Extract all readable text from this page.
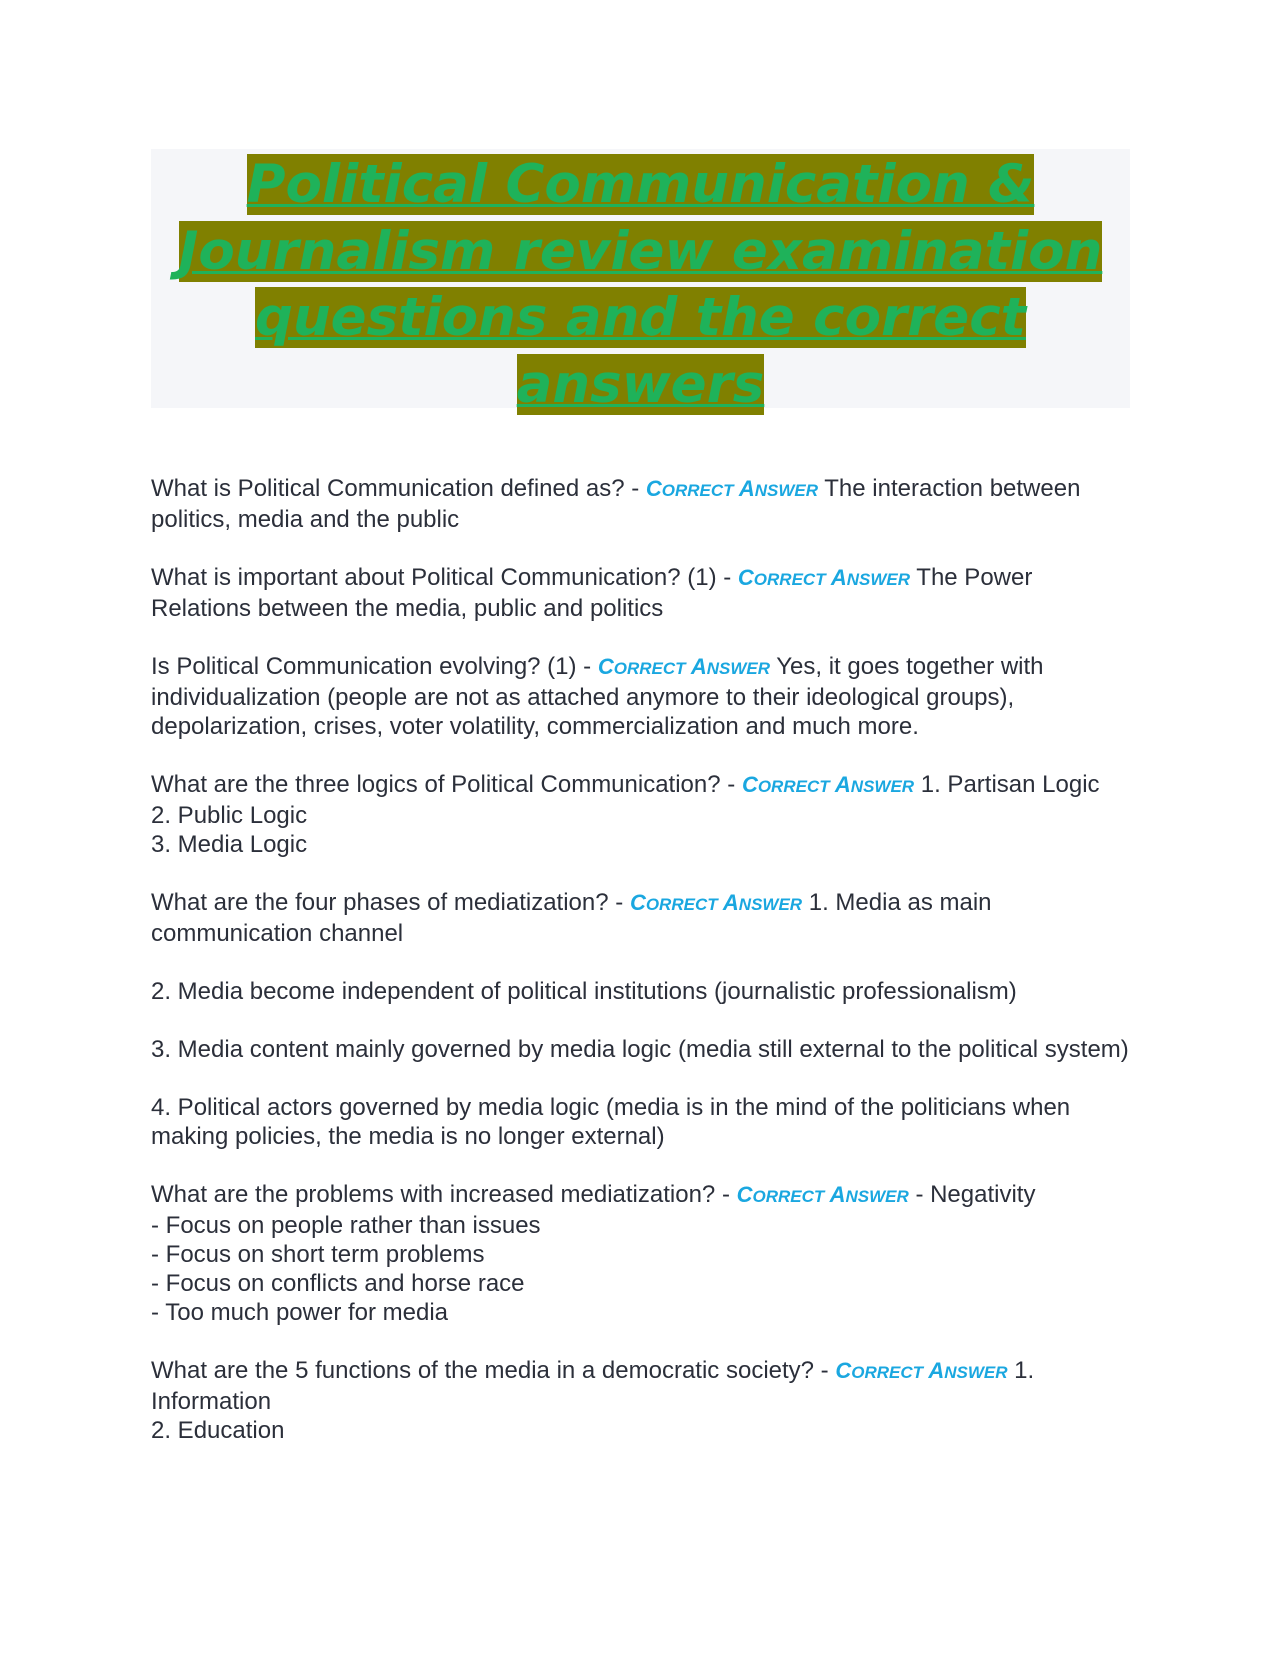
Political Communication &
Journalism review examination
questions and the correct
answers

What is Political Communication defined as? - CORRECT ANSWER The interaction between politics, media and the public

What is important about Political Communication? (1) - CORRECT ANSWER The Power Relations between the media, public and politics

Is Political Communication evolving? (1) - CORRECT ANSWER Yes, it goes together with individualization (people are not as attached anymore to their ideological groups), depolarization, crises, voter volatility, commercialization and much more.

What are the three logics of Political Communication? - CORRECT ANSWER 1. Partisan Logic

2. Public Logic

3. Media Logic

What are the four phases of mediatization? - CORRECT ANSWER 1. Media as main communication channel

2. Media become independent of political institutions (journalistic professionalism)

3. Media content mainly governed by media logic (media still external to the political system)

4. Political actors governed by media logic (media is in the mind of the politicians when making policies, the media is no longer external)

What are the problems with increased mediatization? - CORRECT ANSWER - Negativity

- Focus on people rather than issues

- Focus on short term problems

- Focus on conflicts and horse race

- Too much power for media

What are the 5 functions of the media in a democratic society? - CORRECT ANSWER 1. Information

2. Education
